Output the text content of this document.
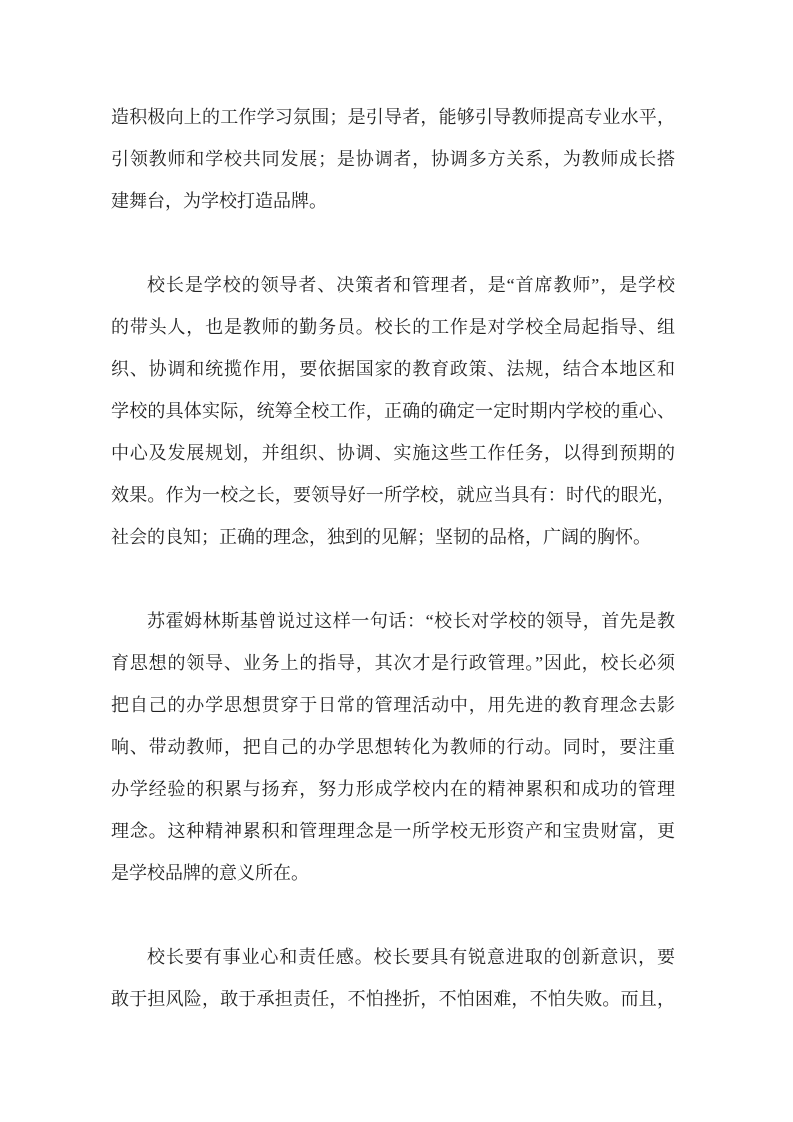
造积极向上的工作学习氛围；是引导者，能够引导教师提高专业水平，
引领教师和学校共同发展；是协调者，协调多方关系，为教师成长搭
建舞台，为学校打造品牌。
校长是学校的领导者、决策者和管理者，是“首席教师”，是学校
的带头人，也是教师的勤务员。校长的工作是对学校全局起指导、组
织、协调和统揽作用，要依据国家的教育政策、法规，结合本地区和
学校的具体实际，统筹全校工作，正确的确定一定时期内学校的重心、
中心及发展规划，并组织、协调、实施这些工作任务，以得到预期的
效果。作为一校之长，要领导好一所学校，就应当具有：时代的眼光，
社会的良知；正确的理念，独到的见解；坚韧的品格，广阔的胸怀。
苏霍姆林斯基曾说过这样一句话：“校长对学校的领导，首先是教
育思想的领导、业务上的指导，其次才是行政管理。”因此，校长必须
把自己的办学思想贯穿于日常的管理活动中，用先进的教育理念去影
响、带动教师，把自己的办学思想转化为教师的行动。同时，要注重
办学经验的积累与扬弃，努力形成学校内在的精神累积和成功的管理
理念。这种精神累积和管理理念是一所学校无形资产和宝贵财富，更
是学校品牌的意义所在。
校长要有事业心和责任感。校长要具有锐意进取的创新意识，要
敢于担风险，敢于承担责任，不怕挫折，不怕困难，不怕失败。而且，
